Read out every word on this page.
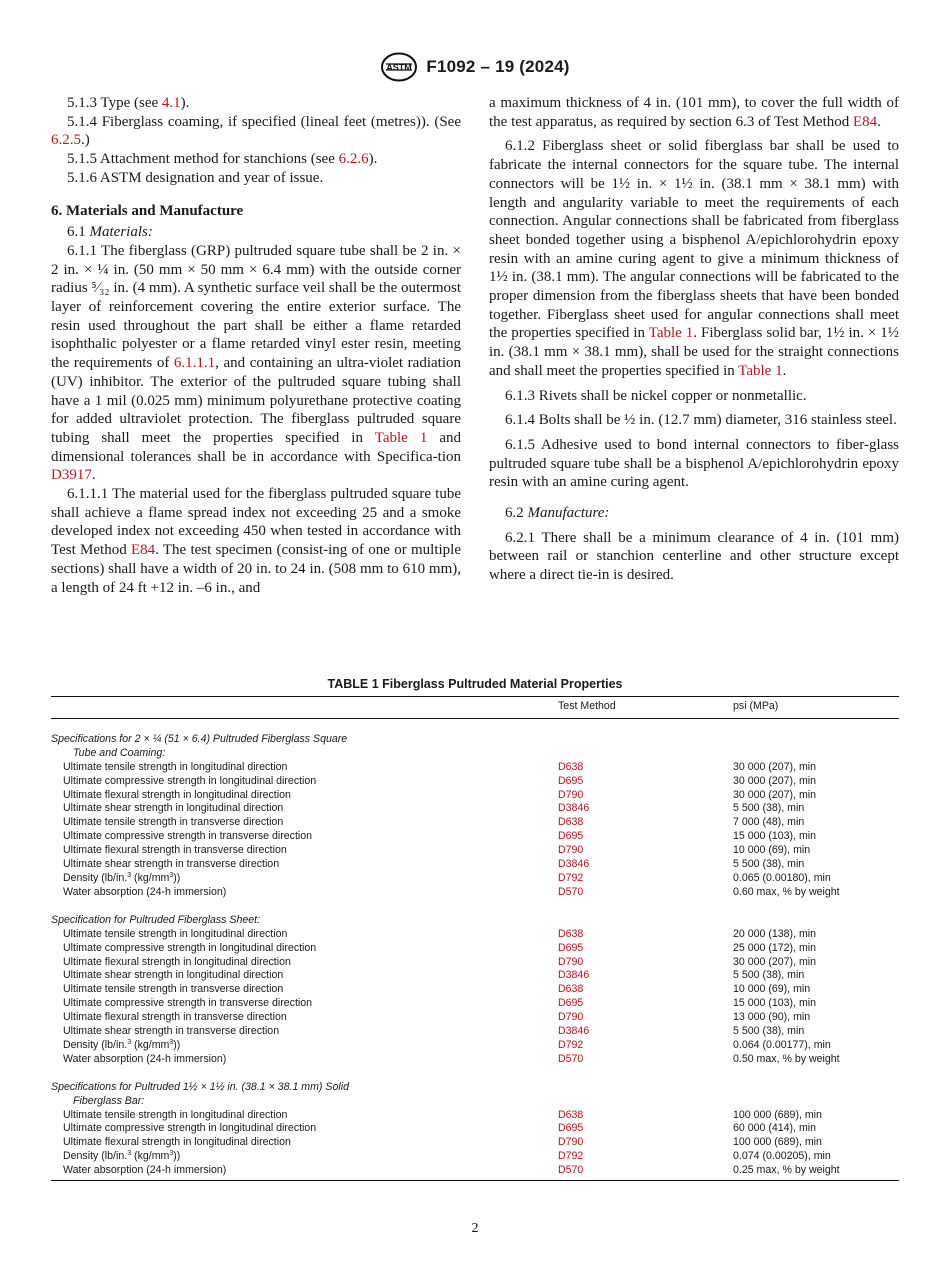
ASTM F1092 – 19 (2024)

5.1.3 Type (see 4.1).

5.1.4 Fiberglass coaming, if specified (lineal feet (metres)). (See 6.2.5.)

5.1.5 Attachment method for stanchions (see 6.2.6).

5.1.6 ASTM designation and year of issue.

6. Materials and Manufacture

6.1 Materials:

6.1.1 The fiberglass (GRP) pultruded square tube shall be 2 in. × 2 in. × ¼ in. (50 mm × 50 mm × 6.4 mm) with the outside corner radius ⁵⁄₃₂ in. (4 mm). A synthetic surface veil shall be the outermost layer of reinforcement covering the entire exterior surface. The resin used throughout the part shall be either a flame retarded isophthalic polyester or a flame retarded vinyl ester resin, meeting the requirements of 6.1.1.1, and containing an ultra-violet radiation (UV) inhibitor. The exterior of the pultruded square tubing shall have a 1 mil (0.025 mm) minimum polyurethane protective coating for added ultraviolet protection. The fiberglass pultruded square tubing shall meet the properties specified in Table 1 and dimensional tolerances shall be in accordance with Specifica-tion D3917.

6.1.1.1 The material used for the fiberglass pultruded square tube shall achieve a flame spread index not exceeding 25 and a smoke developed index not exceeding 450 when tested in accordance with Test Method E84. The test specimen (consist-ing of one or multiple sections) shall have a width of 20 in. to 24 in. (508 mm to 610 mm), a length of 24 ft +12 in. –6 in., and

a maximum thickness of 4 in. (101 mm), to cover the full width of the test apparatus, as required by section 6.3 of Test Method E84.

6.1.2 Fiberglass sheet or solid fiberglass bar shall be used to fabricate the internal connectors for the square tube. The internal connectors will be 1½ in. × 1½ in. (38.1 mm × 38.1 mm) with length and angularity variable to meet the requirements of each connection. Angular connections shall be fabricated from fiberglass sheet bonded together using a bisphenol A/epichlorohydrin epoxy resin with an amine curing agent to give a minimum thickness of 1½ in. (38.1 mm). The angular connections will be fabricated to the proper dimension from the fiberglass sheets that have been bonded together. Fiberglass sheet used for angular connections shall meet the properties specified in Table 1. Fiberglass solid bar, 1½ in. × 1½ in. (38.1 mm × 38.1 mm), shall be used for the straight connections and shall meet the properties specified in Table 1.

6.1.3 Rivets shall be nickel copper or nonmetallic.

6.1.4 Bolts shall be ½ in. (12.7 mm) diameter, 316 stainless steel.

6.1.5 Adhesive used to bond internal connectors to fiber-glass pultruded square tube shall be a bisphenol A/epichlorohydrin epoxy resin with an amine curing agent.

6.2 Manufacture:

6.2.1 There shall be a minimum clearance of 4 in. (101 mm) between rail or stanchion centerline and other structure except where a direct tie-in is desired.

TABLE 1 Fiberglass Pultruded Material Properties
	Test Method	psi (MPa)

Specifications for 2 × ¼ (51 × 6.4) Pultruded Fiberglass Square
Tube and Coaming:		

Ultimate tensile strength in longitudinal direction	D638	30 000 (207), min
Ultimate compressive strength in longitudinal direction	D695	30 000 (207), min
Ultimate flexural strength in longitudinal direction	D790	30 000 (207), min
Ultimate shear strength in longitudinal direction	D3846	5 500 (38), min
Ultimate tensile strength in transverse direction	D638	7 000 (48), min
Ultimate compressive strength in transverse direction	D695	15 000 (103), min
Ultimate flexural strength in transverse direction	D790	10 000 (69), min
Ultimate shear strength in transverse direction	D3846	5 500 (38), min
Density (lb/in.$^3$ $(kg/mm^3)$)	D792	0.065 (0.00180), min
Water absorption (24-h immersion)	D570	0.60 max, % by weight

Specification for Pultruded Fiberglass Sheet:		
Ultimate tensile strength in longitudinal direction	D638	20 000 (138), min
Ultimate compressive strength in longitudinal direction	D695	25 000 (172), min
Ultimate flexural strength in longitudinal direction	D790	30 000 (207), min
Ultimate shear strength in longitudinal direction	D3846	5 500 (38), min
Ultimate tensile strength in transverse direction	D638	10 000 (69), min
Ultimate compressive strength in transverse direction	D695	15 000 (103), min
Ultimate flexural strength in transverse direction	D790	13 000 (90), min
Ultimate shear strength in transverse direction	D3846	5 500 (38), min
Density (lb/in.$^3$ $(kg/mm^3)$)	D792	0.064 (0.00177), min
Water absorption (24-h immersion)	D570	0.50 max, % by weight

Specifications for Pultruded 1½ × 1½ in. (38.1 × 38.1 mm) Solid
Fiberglass Bar:		

Ultimate tensile strength in longitudinal direction	D638	100 000 (689), min
Ultimate compressive strength in longitudinal direction	D695	60 000 (414), min
Ultimate flexural strength in longitudinal direction	D790	100 000 (689), min
Density (lb/in.$^3$ $(kg/mm^3)$)	D792	0.074 (0.00205), min
Water absorption (24-h immersion)	D570	0.25 max, % by weight
2
